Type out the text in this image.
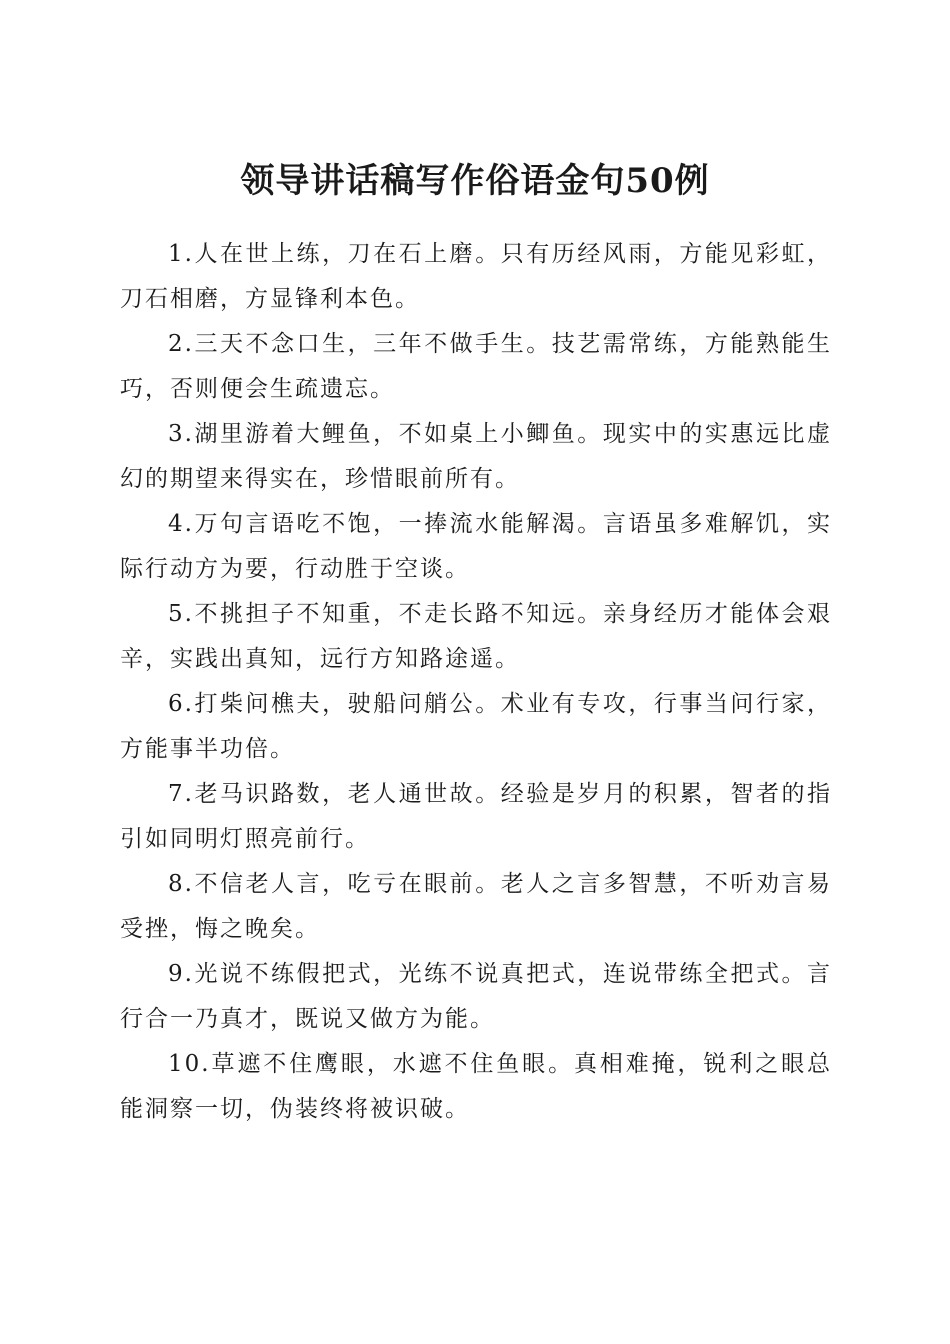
领导讲话稿写作俗语金句50例

1.人在世上练，刀在石上磨。只有历经风雨，方能见彩虹，刀石相磨，方显锋利本色。

2.三天不念口生，三年不做手生。技艺需常练，方能熟能生巧，否则便会生疏遗忘。

3.湖里游着大鲤鱼，不如桌上小鲫鱼。现实中的实惠远比虚幻的期望来得实在，珍惜眼前所有。

4.万句言语吃不饱，一捧流水能解渴。言语虽多难解饥，实际行动方为要，行动胜于空谈。

5.不挑担子不知重，不走长路不知远。亲身经历才能体会艰辛，实践出真知，远行方知路途遥。

6.打柴问樵夫，驶船问艄公。术业有专攻，行事当问行家，方能事半功倍。

7.老马识路数，老人通世故。经验是岁月的积累，智者的指引如同明灯照亮前行。

8.不信老人言，吃亏在眼前。老人之言多智慧，不听劝言易受挫，悔之晚矣。

9.光说不练假把式，光练不说真把式，连说带练全把式。言行合一乃真才，既说又做方为能。

10.草遮不住鹰眼，水遮不住鱼眼。真相难掩，锐利之眼总能洞察一切，伪装终将被识破。
